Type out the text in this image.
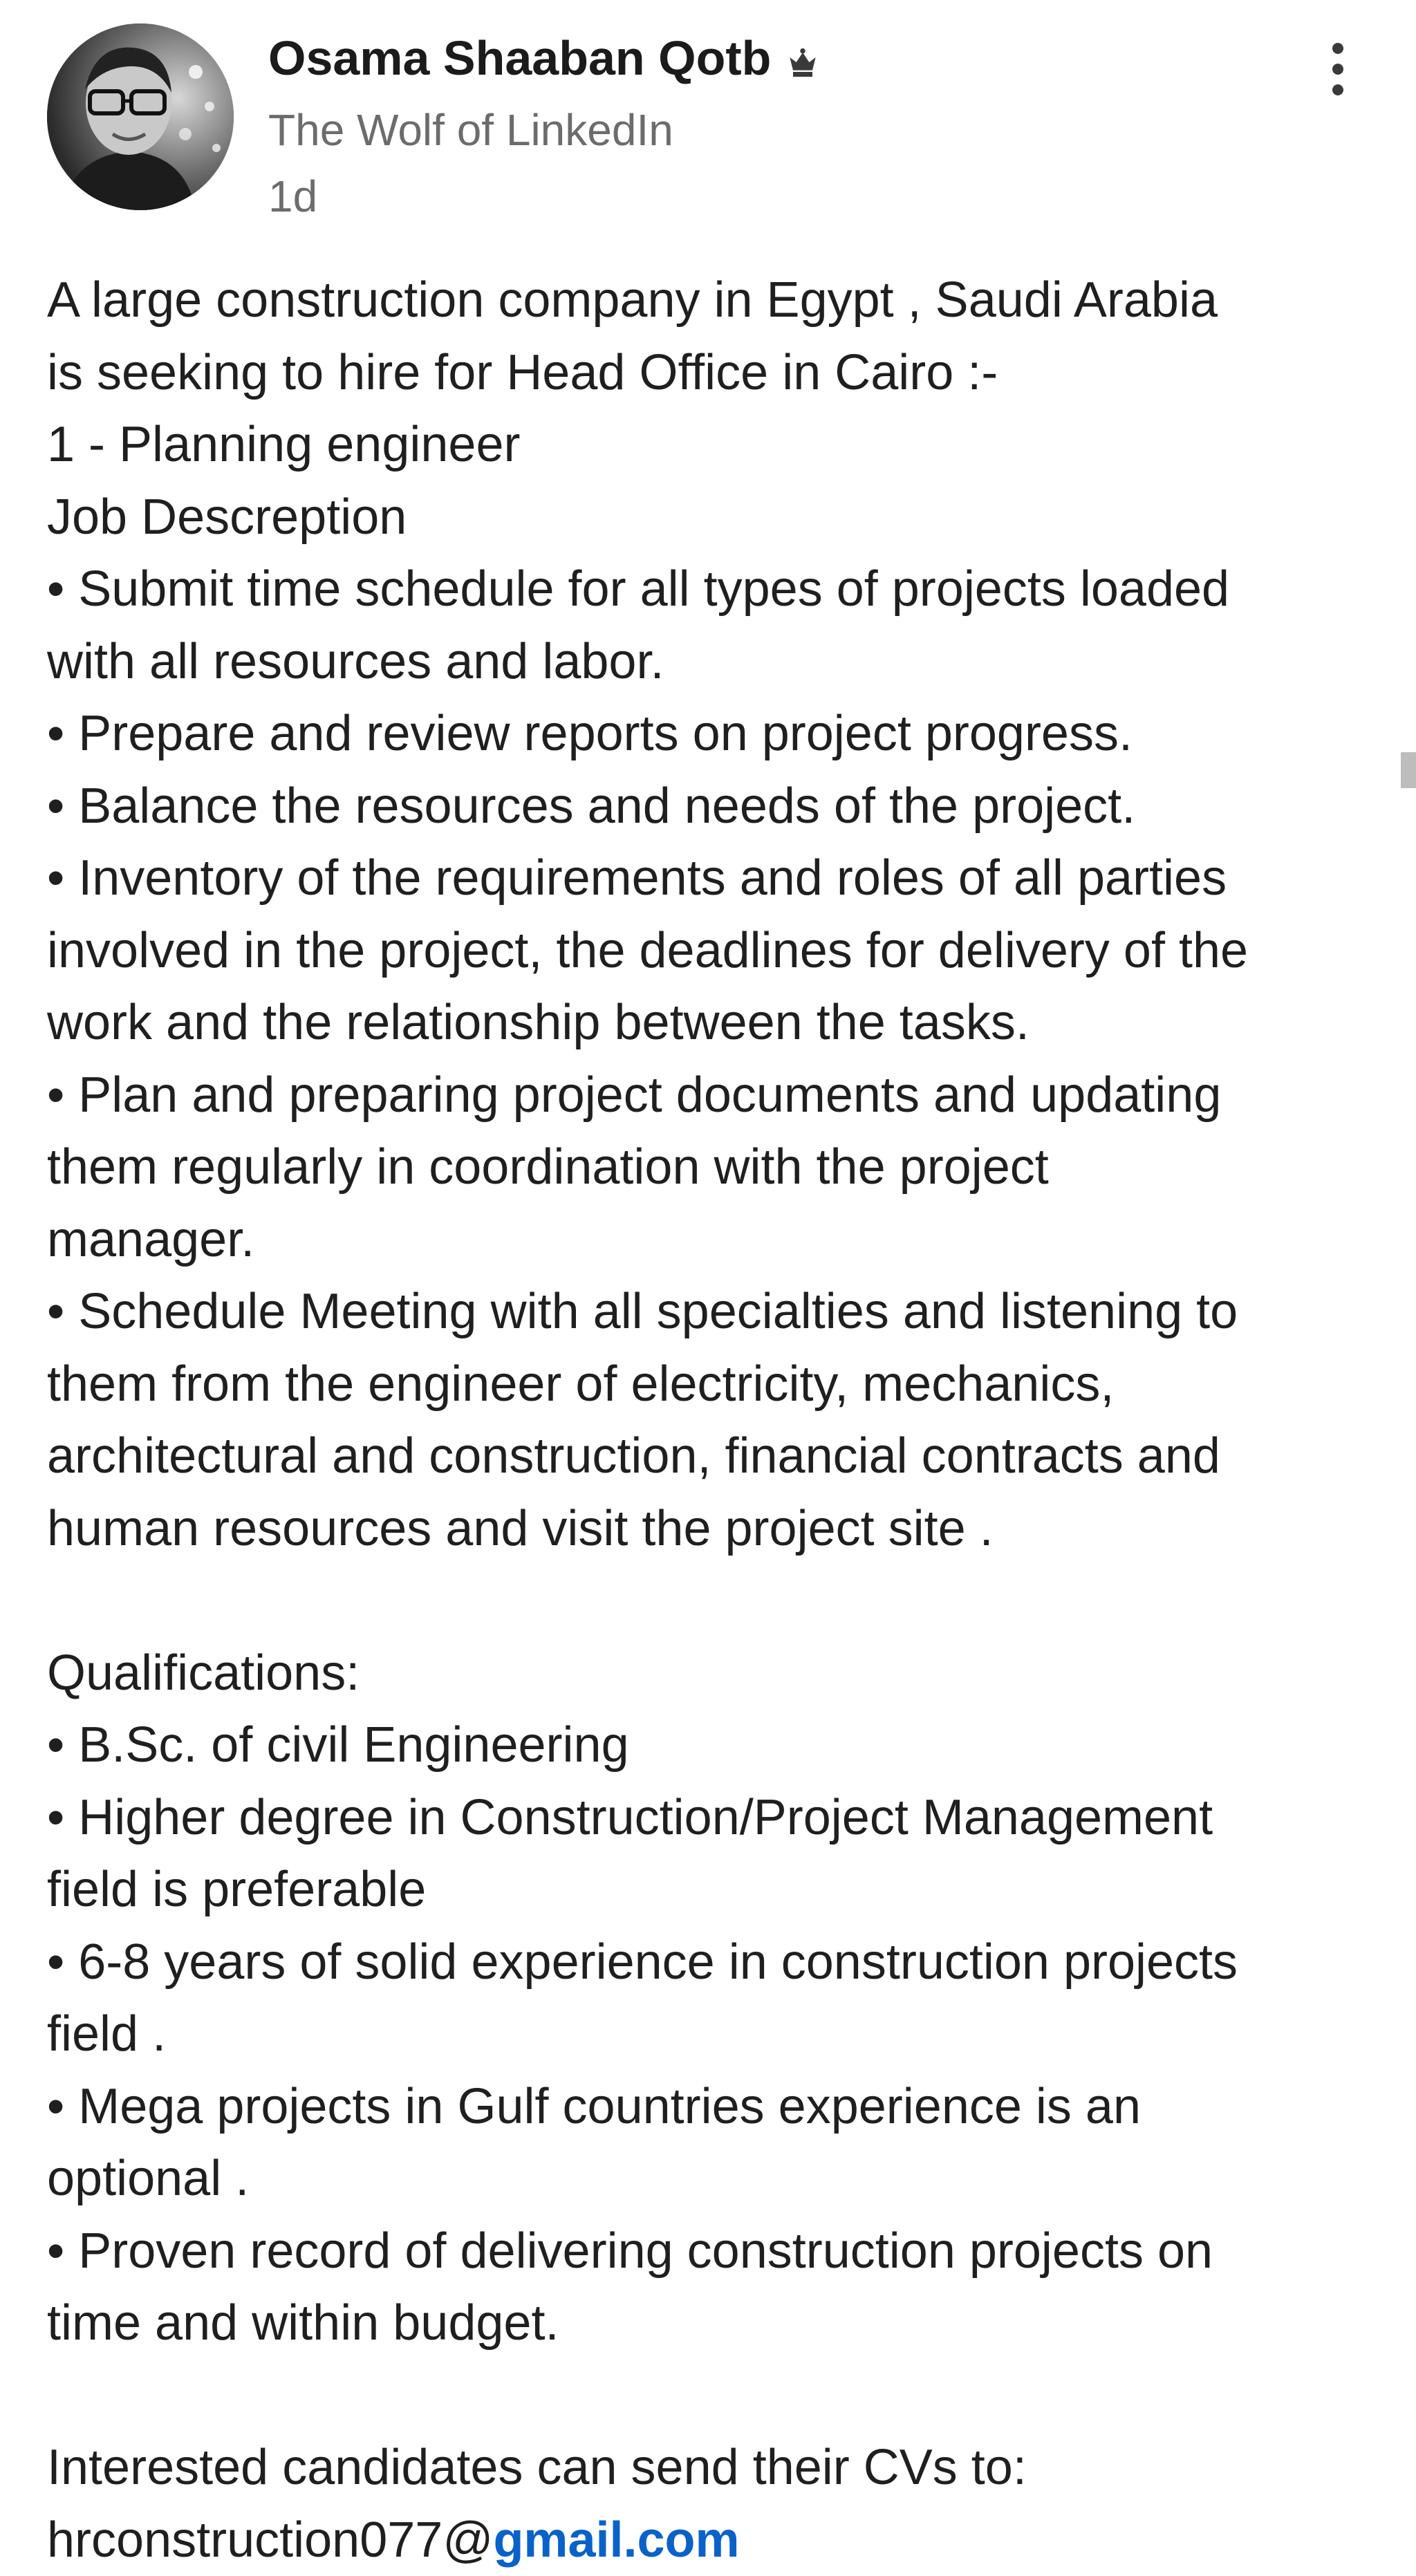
Osama Shaaban Qotb
The Wolf of LinkedIn
1d
A large construction company in Egypt , Saudi Arabia
is seeking to hire for Head Office in Cairo :-
1 - Planning engineer
Job Descreption
• Submit time schedule for all types of projects loaded
with all resources and labor.
• Prepare and review reports on project progress.
• Balance the resources and needs of the project.
• Inventory of the requirements and roles of all parties
involved in the project, the deadlines for delivery of the
work and the relationship between the tasks.
• Plan and preparing project documents and updating
them regularly in coordination with the project
manager.
• Schedule Meeting with all specialties and listening to
them from the engineer of electricity, mechanics,
architectural and construction, financial contracts and
human resources and visit the project site .
Qualifications:
• B.Sc. of civil Engineering
• Higher degree in Construction/Project Management
field is preferable
• 6-8 years of solid experience in construction projects
field .
• Mega projects in Gulf countries experience is an
optional .
• Proven record of delivering construction projects on
time and within budget.
Interested candidates can send their CVs to:
hrconstruction077@gmail.com
